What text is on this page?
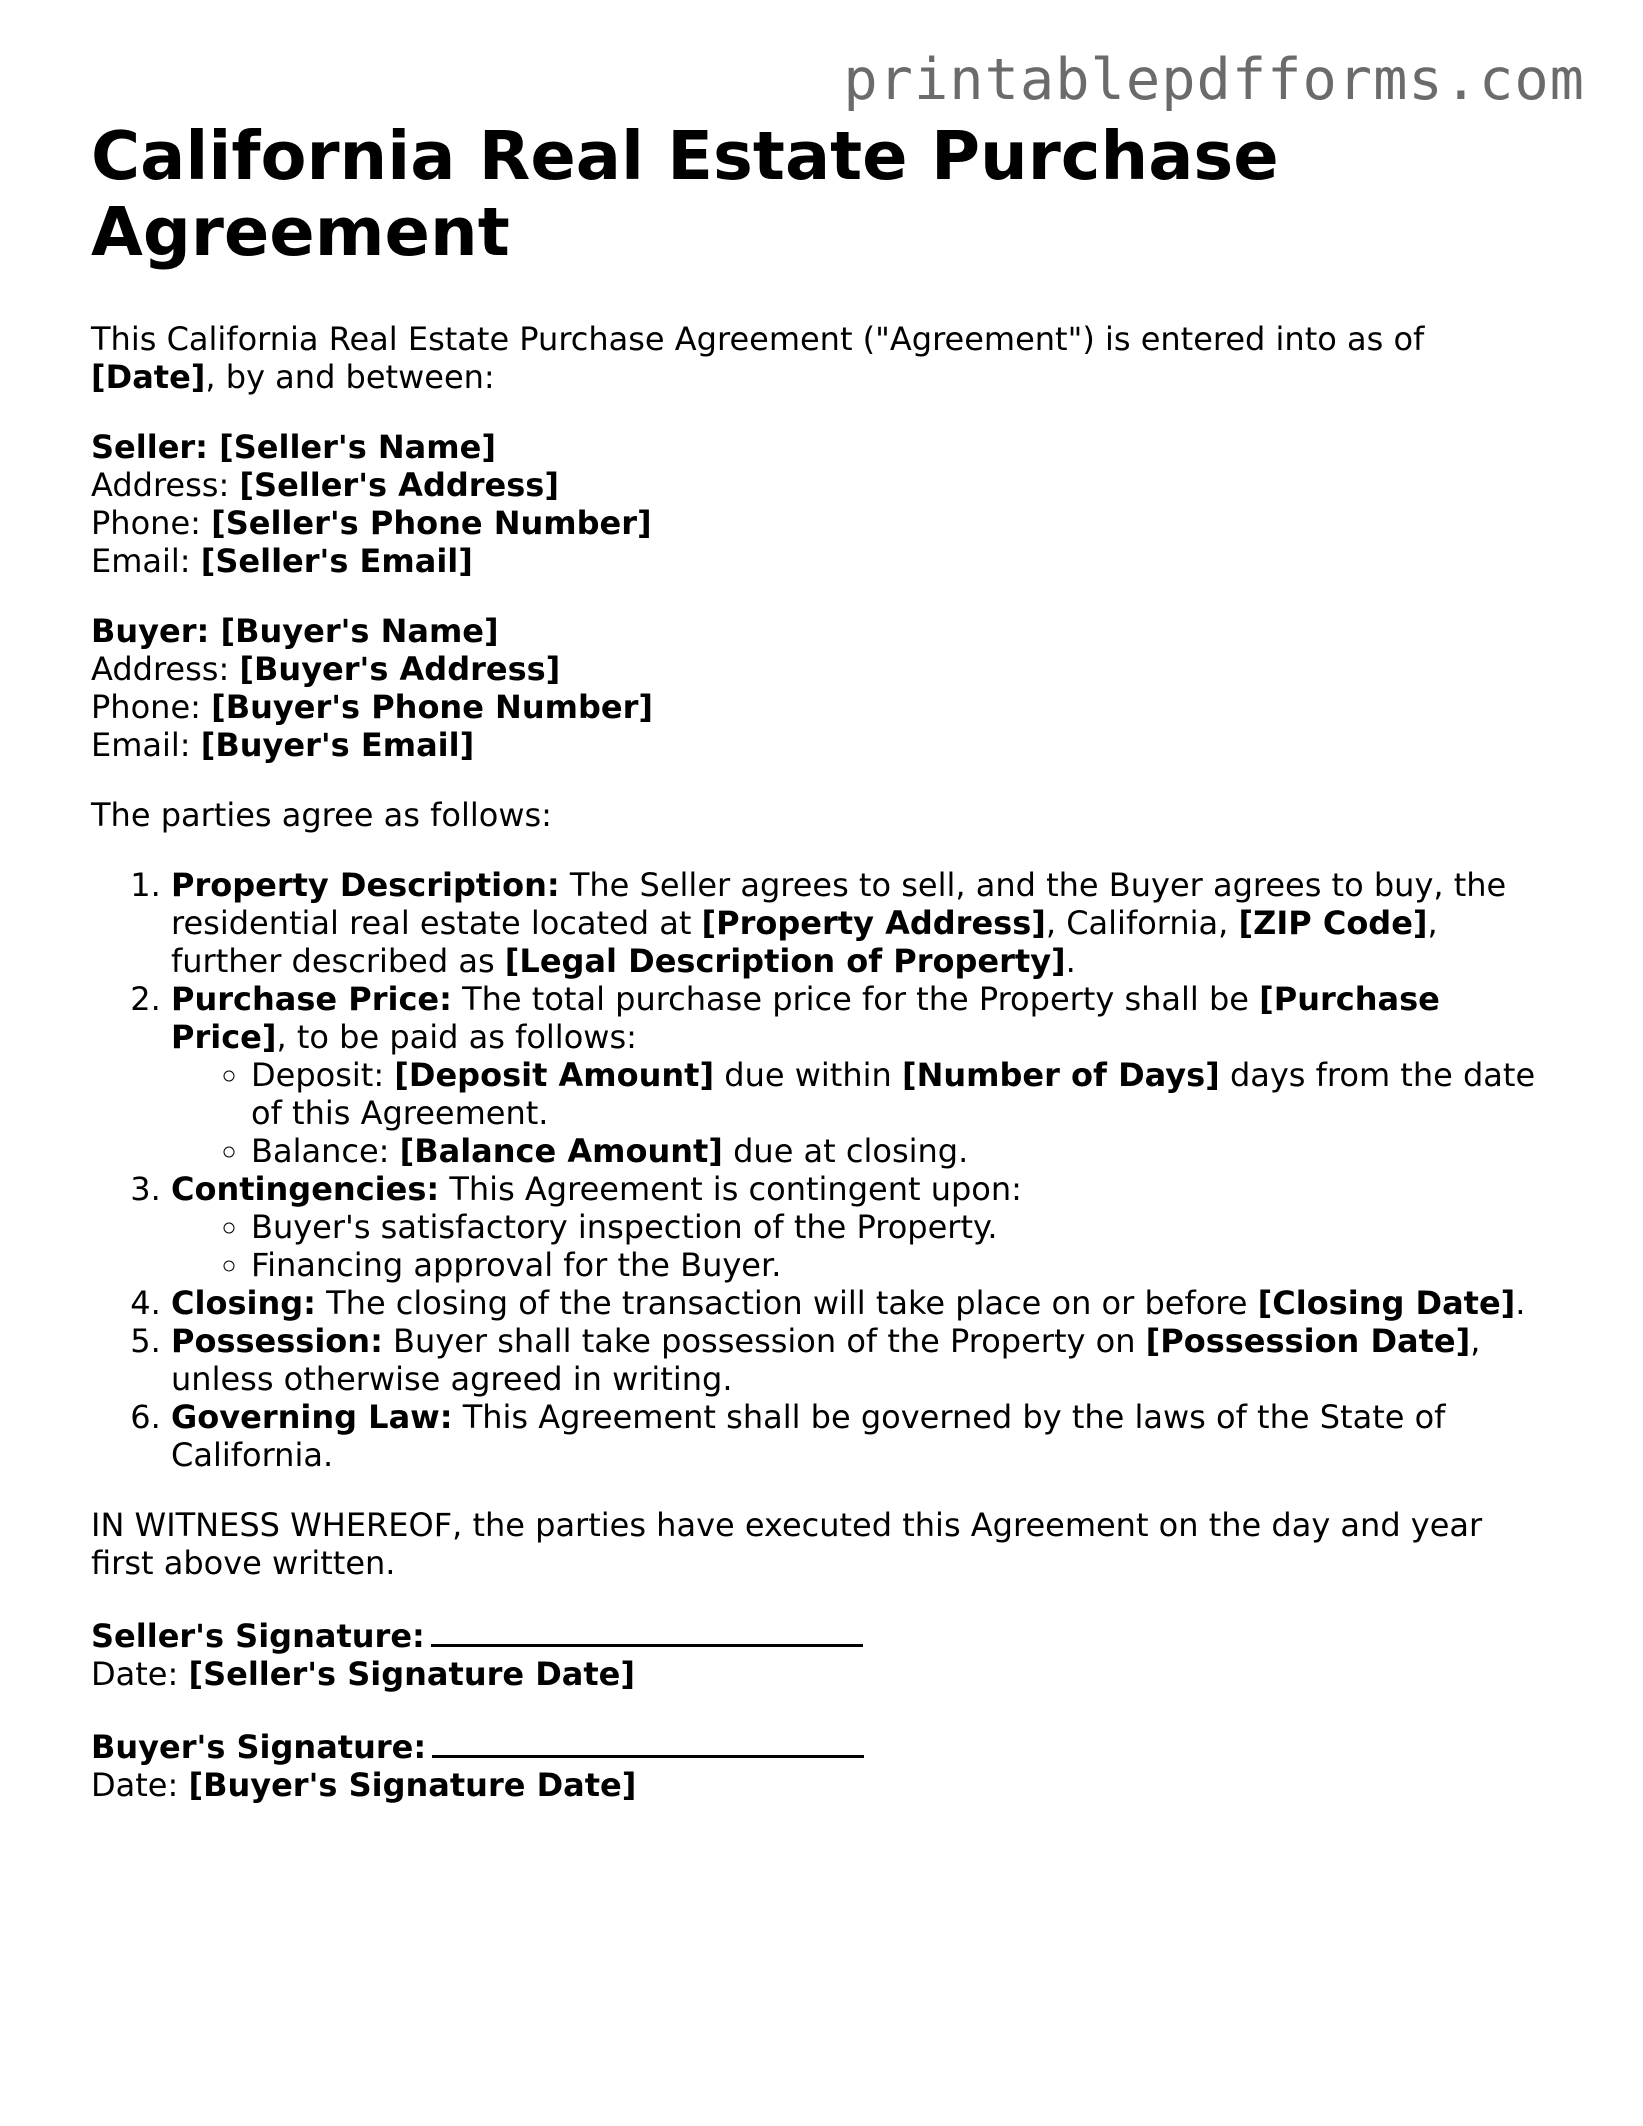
printablepdfforms.com
California Real Estate Purchase Agreement

This California Real Estate Purchase Agreement ("Agreement") is entered into as of [Date], by and between:

Seller: [Seller's Name]
Address: [Seller's Address]
Phone: [Seller's Phone Number]
Email: [Seller's Email]
Buyer: [Buyer's Name]
Address: [Buyer's Address]
Phone: [Buyer's Phone Number]
Email: [Buyer's Email]

The parties agree as follows:

1. Property Description: The Seller agrees to sell, and the Buyer agrees to buy, the residential real estate located at [Property Address], California, [ZIP Code], further described as [Legal Description of Property].
2. Purchase Price: The total purchase price for the Property shall be [Purchase Price], to be paid as follows:
◦ Deposit: [Deposit Amount] due within [Number of Days] days from the date of this Agreement.
◦ Balance: [Balance Amount] due at closing.
3. Contingencies: This Agreement is contingent upon:
◦ Buyer's satisfactory inspection of the Property.
◦ Financing approval for the Buyer.
4. Closing: The closing of the transaction will take place on or before [Closing Date].
5. Possession: Buyer shall take possession of the Property on [Possession Date], unless otherwise agreed in writing.
6. Governing Law: This Agreement shall be governed by the laws of the State of California.

IN WITNESS WHEREOF, the parties have executed this Agreement on the day and year first above written.

Seller's Signature:
Date: [Seller's Signature Date]
Buyer's Signature:
Date: [Buyer's Signature Date]
